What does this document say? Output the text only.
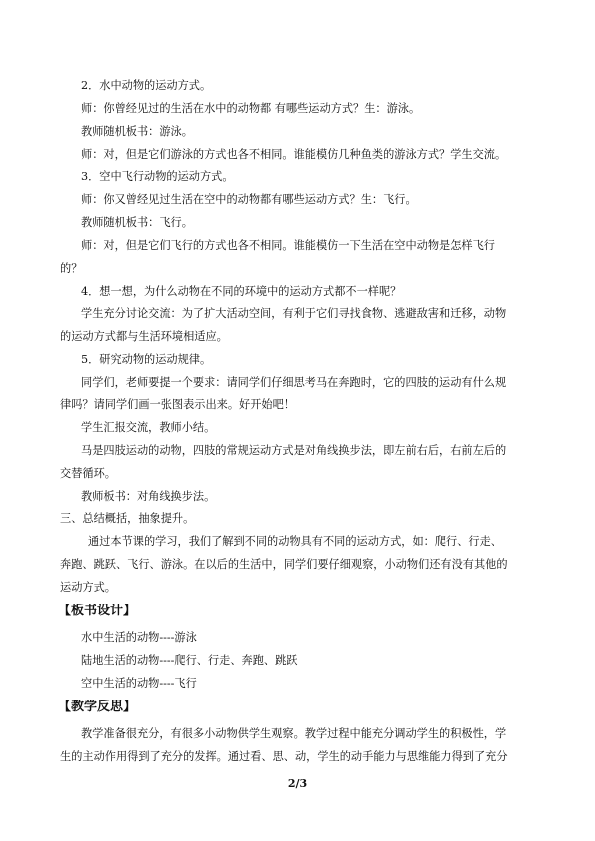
2．水中动物的运动方式。
师：你曾经见过的生活在水中的动物都 有哪些运动方式？生：游泳。
教师随机板书：游泳。
师：对，但是它们游泳的方式也各不相同。谁能模仿几种鱼类的游泳方式？学生交流。
3．空中飞行动物的运动方式。
师：你又曾经见过生活在空中的动物都有哪些运动方式？生：飞行。
教师随机板书：飞行。
师：对，但是它们飞行的方式也各不相同。谁能模仿一下生活在空中动物是怎样飞行
的？
4．想一想，为什么动物在不同的环境中的运动方式都不一样呢？
学生充分讨论交流：为了扩大活动空间，有利于它们寻找食物、逃避敌害和迁移，动物
的运动方式都与生活环境相适应。
5．研究动物的运动规律。
同学们，老师要提一个要求：请同学们仔细思考马在奔跑时，它的四肢的运动有什么规
律吗？请同学们画一张图表示出来。好开始吧！
学生汇报交流，教师小结。
马是四肢运动的动物，四肢的常规运动方式是对角线换步法，即左前右后，右前左后的
交替循环。
教师板书：对角线换步法。
三、总结概括，抽象提升。
通过本节课的学习，我们了解到不同的动物具有不同的运动方式，如：爬行、行走、
奔跑、跳跃、飞行、游泳。在以后的生活中，同学们要仔细观察，小动物们还有没有其他的
运动方式。
【板书设计】
水中生活的动物----游泳
陆地生活的动物----爬行、行走、奔跑、跳跃
空中生活的动物----飞行
【教学反思】
教学准备很充分，有很多小动物供学生观察。教学过程中能充分调动学生的积极性，学
生的主动作用得到了充分的发挥。通过看、思、动，学生的动手能力与思维能力得到了充分
2/3
